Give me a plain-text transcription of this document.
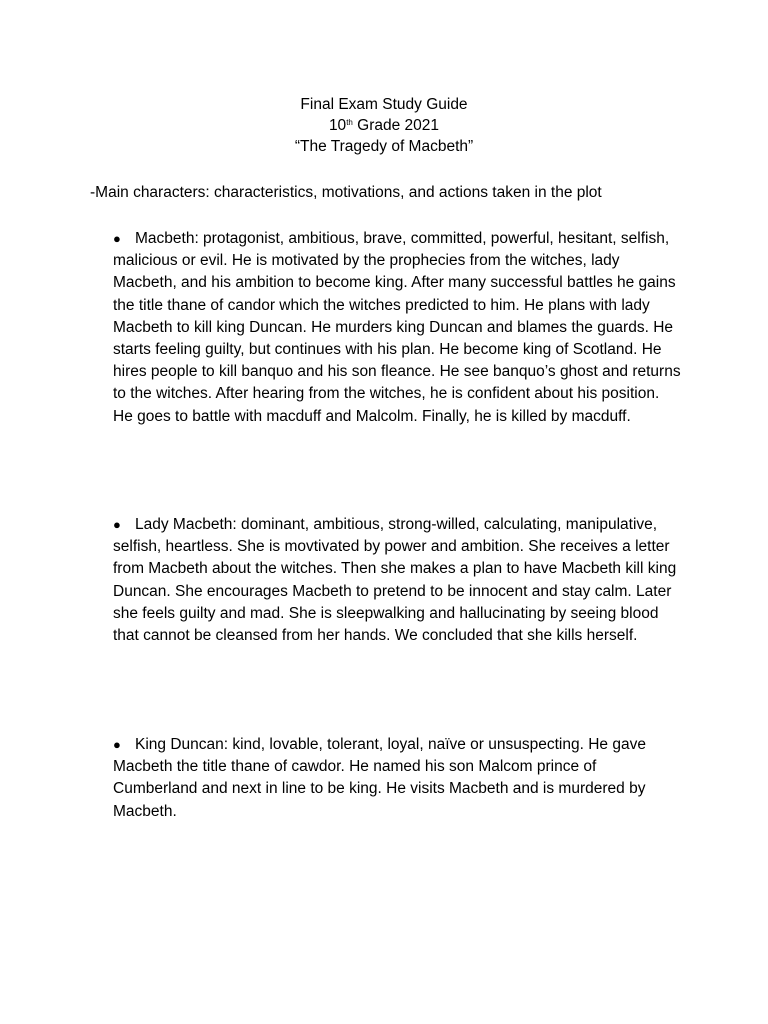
Final Exam Study Guide
10th Grade 2021
“The Tragedy of Macbeth”
-Main characters: characteristics, motivations, and actions taken in the plot
● Macbeth: protagonist, ambitious, brave, committed, powerful, hesitant, selfish, malicious or evil. He is motivated by the prophecies from the witches, lady Macbeth, and his ambition to become king. After many successful battles he gains the title thane of candor which the witches predicted to him. He plans with lady Macbeth to kill king Duncan. He murders king Duncan and blames the guards. He starts feeling guilty, but continues with his plan. He become king of Scotland. He hires people to kill banquo and his son fleance. He see banquo’s ghost and returns to the witches. After hearing from the witches, he is confident about his position. He goes to battle with macduff and Malcolm. Finally, he is killed by macduff.
● Lady Macbeth: dominant, ambitious, strong-willed, calculating, manipulative, selfish, heartless. She is movtivated by power and ambition. She receives a letter from Macbeth about the witches. Then she makes a plan to have Macbeth kill king Duncan. She encourages Macbeth to pretend to be innocent and stay calm. Later she feels guilty and mad. She is sleepwalking and hallucinating by seeing blood that cannot be cleansed from her hands. We concluded that she kills herself.
● King Duncan: kind, lovable, tolerant, loyal, naïve or unsuspecting. He gave Macbeth the title thane of cawdor. He named his son Malcom prince of Cumberland and next in line to be king. He visits Macbeth and is murdered by Macbeth.
